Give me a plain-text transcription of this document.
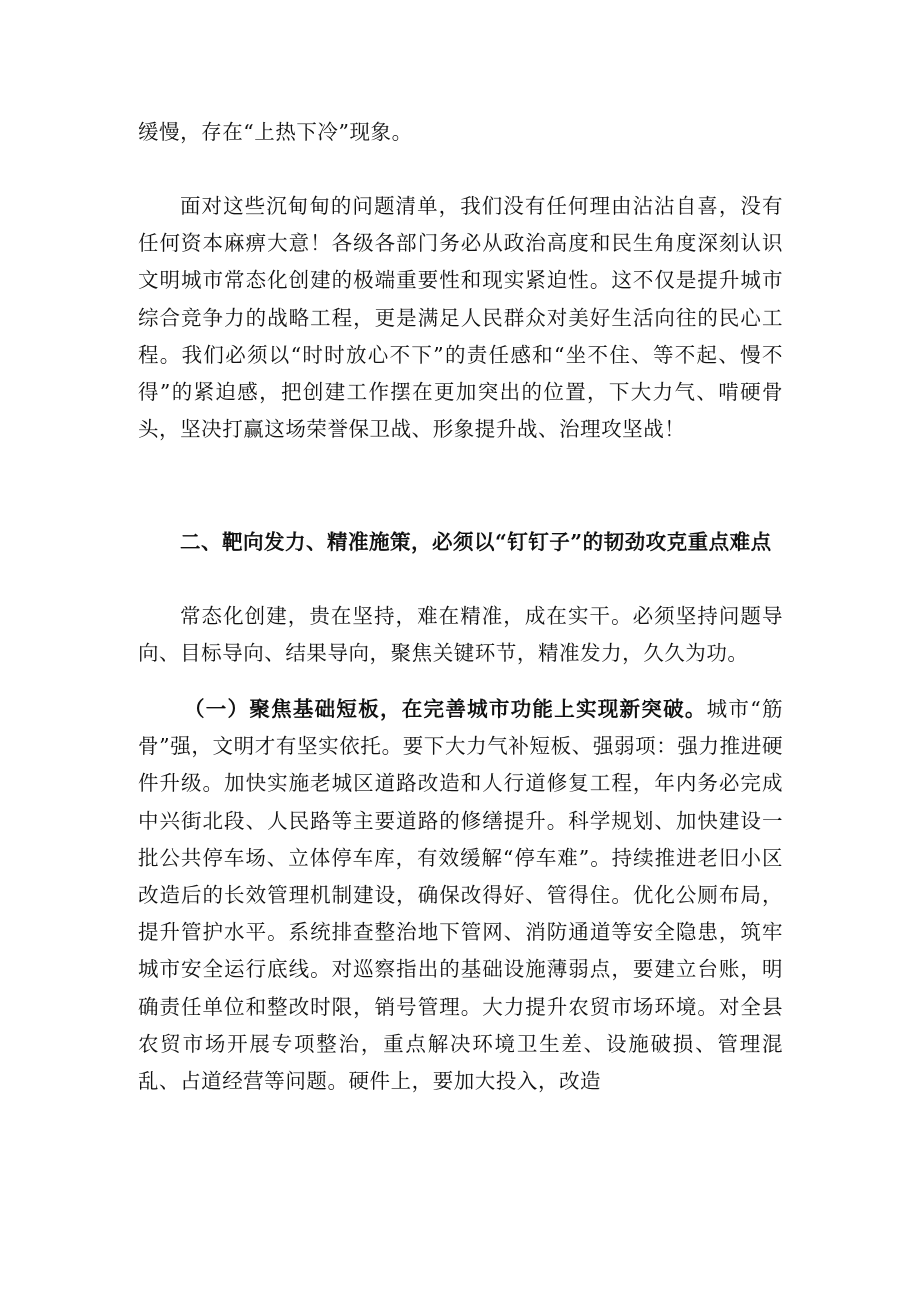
缓慢，存在“上热下冷”现象。

面对这些沉甸甸的问题清单，我们没有任何理由沾沾自喜，没有任何资本麻痹大意！各级各部门务必从政治高度和民生角度深刻认识文明城市常态化创建的极端重要性和现实紧迫性。这不仅是提升城市综合竞争力的战略工程，更是满足人民群众对美好生活向往的民心工程。我们必须以“时时放心不下”的责任感和“坐不住、等不起、慢不得”的紧迫感，把创建工作摆在更加突出的位置，下大力气、啃硬骨头，坚决打赢这场荣誉保卫战、形象提升战、治理攻坚战！

二、靶向发力、精准施策，必须以“钉钉子”的韧劲攻克重点难点

常态化创建，贵在坚持，难在精准，成在实干。必须坚持问题导向、目标导向、结果导向，聚焦关键环节，精准发力，久久为功。

（一）聚焦基础短板，在完善城市功能上实现新突破。城市“筋骨”强，文明才有坚实依托。要下大力气补短板、强弱项：强力推进硬件升级。加快实施老城区道路改造和人行道修复工程，年内务必完成中兴街北段、人民路等主要道路的修缮提升。科学规划、加快建设一批公共停车场、立体停车库，有效缓解“停车难”。持续推进老旧小区改造后的长效管理机制建设，确保改得好、管得住。优化公厕布局，提升管护水平。系统排查整治地下管网、消防通道等安全隐患，筑牢城市安全运行底线。对巡察指出的基础设施薄弱点，要建立台账，明确责任单位和整改时限，销号管理。大力提升农贸市场环境。对全县农贸市场开展专项整治，重点解决环境卫生差、设施破损、管理混乱、占道经营等问题。硬件上，要加大投入，改造
